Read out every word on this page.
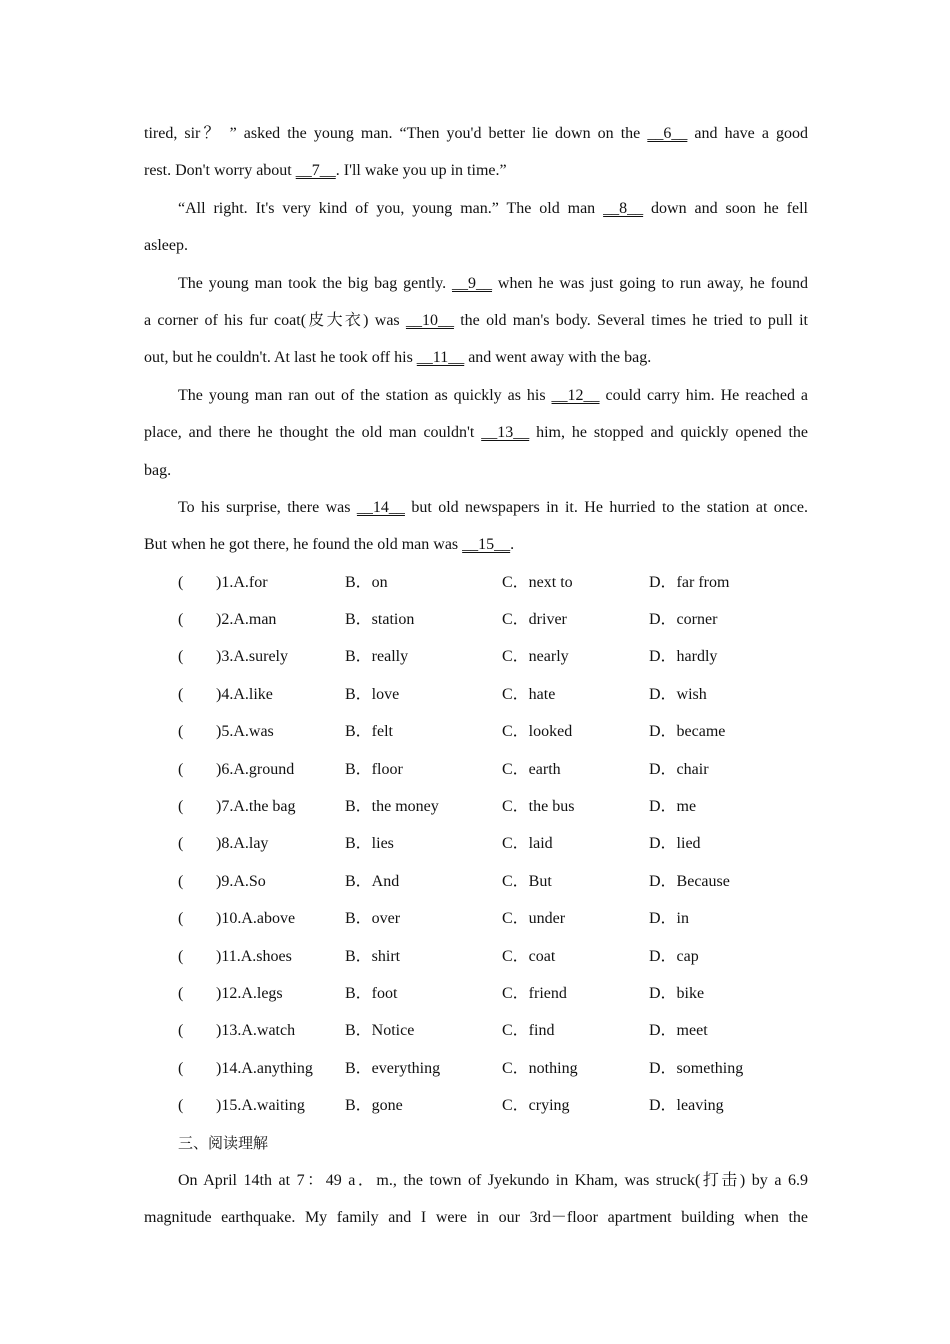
tired, sir？ ” asked the young man. “Then you'd better lie down on the __6__ and have a good
rest. Don't worry about __7__. I'll wake you up in time.”
“All right. It's very kind of you, young man.” The old man __8__ down and soon he fell
asleep.
The young man took the big bag gently. __9__ when he was just going to run away, he found
a corner of his fur coat(皮大衣) was __10__ the old man's body. Several times he tried to pull it
out, but he couldn't. At last he took off his __11__ and went away with the bag.
The young man ran out of the station as quickly as his __12__ could carry him. He reached a
place, and there he thought the old man couldn't __13__ him, he stopped and quickly opened the
bag.
To his surprise, there was __14__ but old newspapers in it. He hurried to the station at once.
But when he got there, he found the old man was __15__.
( )1.A.for	B．on	C．next to	D．far from
( )2.A.man	B．station	C．driver	D．corner
( )3.A.surely	B．really	C．nearly	D．hardly
( )4.A.like	B．love	C．hate	D．wish
( )5.A.was	B．felt	C．looked	D．became
( )6.A.ground	B．floor	C．earth	D．chair
( )7.A.the bag	B．the money	C．the bus	D．me
( )8.A.lay	B．lies	C．laid	D．lied
( )9.A.So	B．And	C．But	D．Because
( )10.A.above	B．over	C．under	D．in
( )11.A.shoes	B．shirt	C．coat	D．cap
( )12.A.legs	B．foot	C．friend	D．bike
( )13.A.watch	B．Notice	C．find	D．meet
( )14.A.anything B．everything	C．nothing	D．something
( )15.A.waiting	B．gone	C．crying	D．leaving
三、阅读理解
On April 14th at 7：49 a．m., the town of Jyekundo in Kham, was struck(打击) by a 6.9
magnitude earthquake. My family and I were in our 3rd－floor apartment building when the
